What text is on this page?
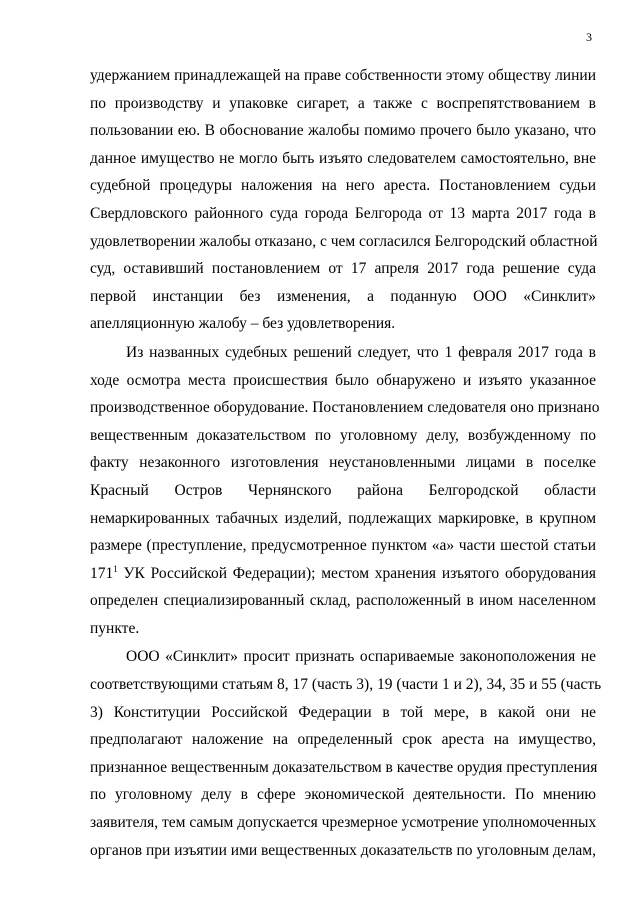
3

удержанием принадлежащей на праве собственности этому обществу линии
по производству и упаковке сигарет, а также с воспрепятствованием в
пользовании ею. В обоснование жалобы помимо прочего было указано, что
данное имущество не могло быть изъято следователем самостоятельно, вне
судебной процедуры наложения на него ареста. Постановлением судьи
Свердловского районного суда города Белгорода от 13 марта 2017 года в
удовлетворении жалобы отказано, с чем согласился Белгородский областной
суд, оставивший постановлением от 17 апреля 2017 года решение суда
первой инстанции без изменения, а поданную ООО «Синклит»
апелляционную жалобу – без удовлетворения.

Из названных судебных решений следует, что 1 февраля 2017 года в
ходе осмотра места происшествия было обнаружено и изъято указанное
производственное оборудование. Постановлением следователя оно признано
вещественным доказательством по уголовному делу, возбужденному по
факту незаконного изготовления неустановленными лицами в поселке
Красный Остров Чернянского района Белгородской области
немаркированных табачных изделий, подлежащих маркировке, в крупном
размере (преступление, предусмотренное пунктом «а» части шестой статьи
$171^1$ УК Российской Федерации); местом хранения изъятого оборудования
определен специализированный склад, расположенный в ином населенном
пункте.

ООО «Синклит» просит признать оспариваемые законоположения не
соответствующими статьям 8, 17 (часть 3), 19 (части 1 и 2), 34, 35 и 55 (часть
3) Конституции Российской Федерации в той мере, в какой они не
предполагают наложение на определенный срок ареста на имущество,
признанное вещественным доказательством в качестве орудия преступления
по уголовному делу в сфере экономической деятельности. По мнению
заявителя, тем самым допускается чрезмерное усмотрение уполномоченных
органов при изъятии ими вещественных доказательств по уголовным делам,
